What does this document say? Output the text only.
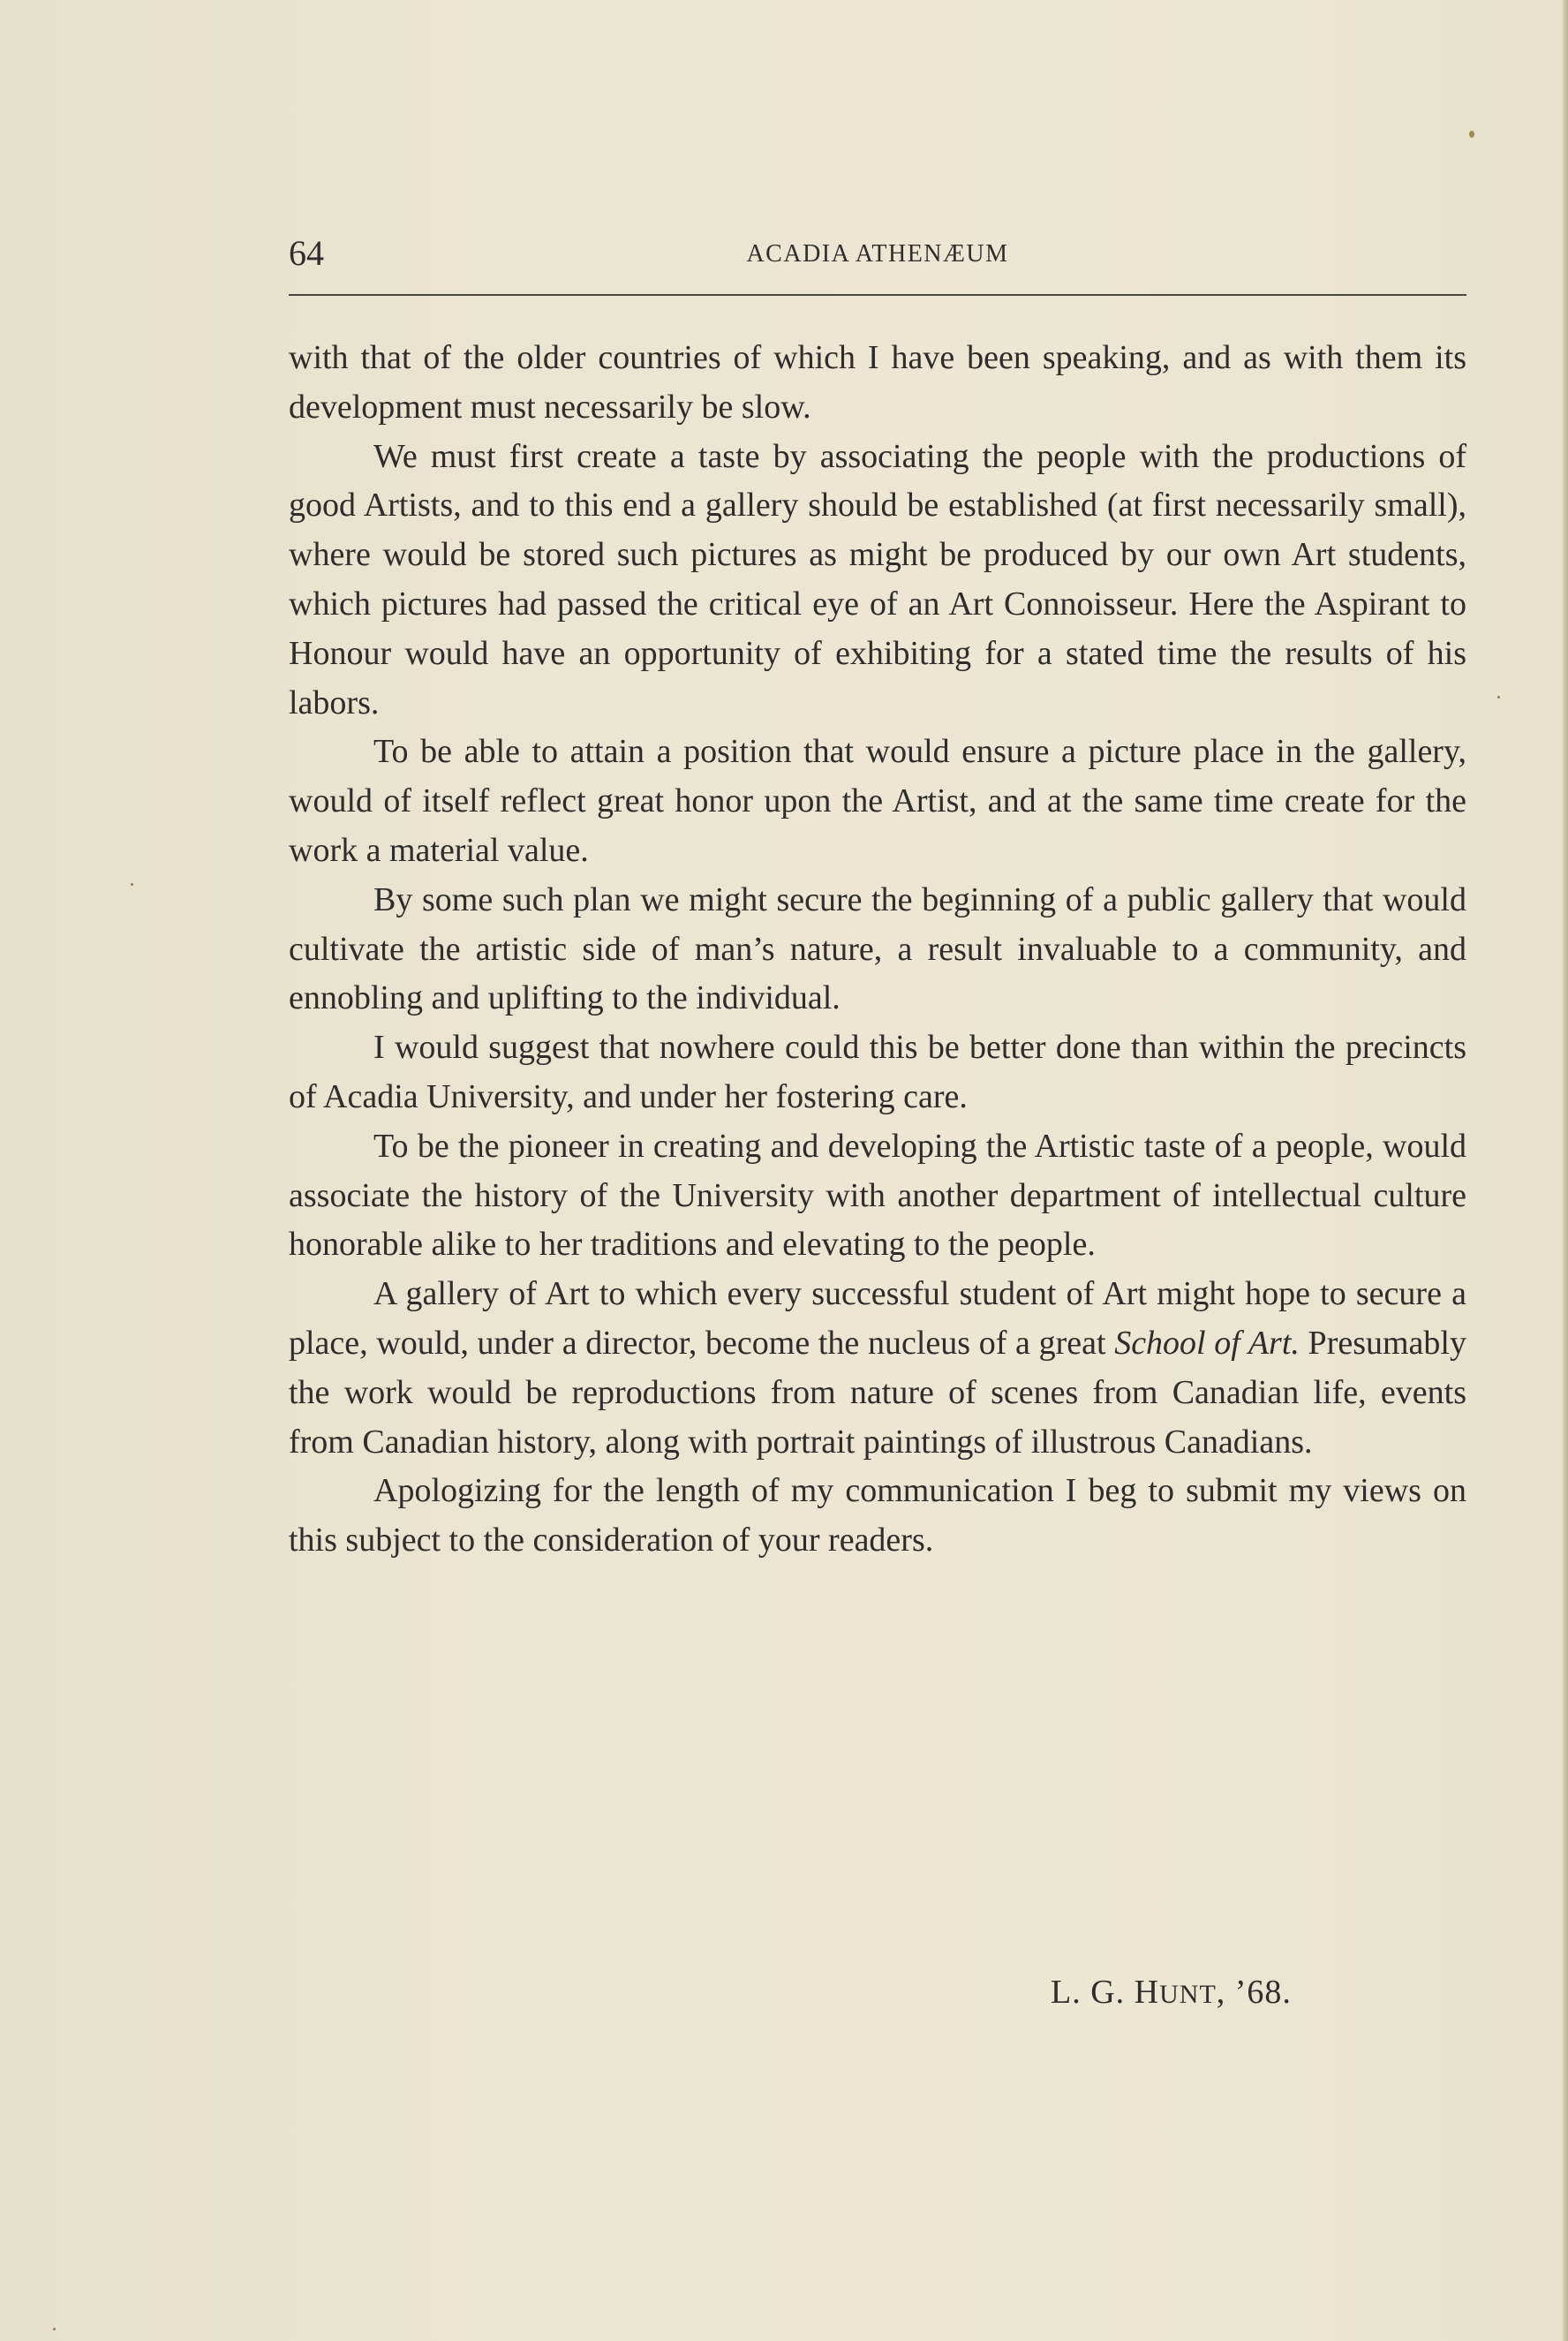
64	ACADIA ATHENÆUM

with that of the older countries of which I have been speaking, and as with them its development must necessarily be slow.

We must first create a taste by associating the people with the productions of good Artists, and to this end a gallery should be established (at first necessarily small), where would be stored such pictures as might be produced by our own Art students, which pictures had passed the critical eye of an Art Connoisseur. Here the Aspirant to Honour would have an opportunity of exhibiting for a stated time the results of his labors.

To be able to attain a position that would ensure a picture place in the gallery, would of itself reflect great honor upon the Artist, and at the same time create for the work a material value.

By some such plan we might secure the beginning of a public gallery that would cultivate the artistic side of man’s nature, a result invaluable to a community, and ennobling and uplifting to the individual.

I would suggest that nowhere could this be better done than within the precincts of Acadia University, and under her fostering care.

To be the pioneer in creating and developing the Artistic taste of a people, would associate the history of the University with another department of intellectual culture honorable alike to her traditions and elevating to the people.

A gallery of Art to which every successful student of Art might hope to secure a place, would, under a director, become the nucleus of a great School of Art. Presumably the work would be reproductions from nature of scenes from Canadian life, events from Canadian history, along with portrait paintings of illustrous Canadians.

Apologizing for the length of my communication I beg to submit my views on this subject to the consideration of your readers.

L. G. HUNT, ’68.
